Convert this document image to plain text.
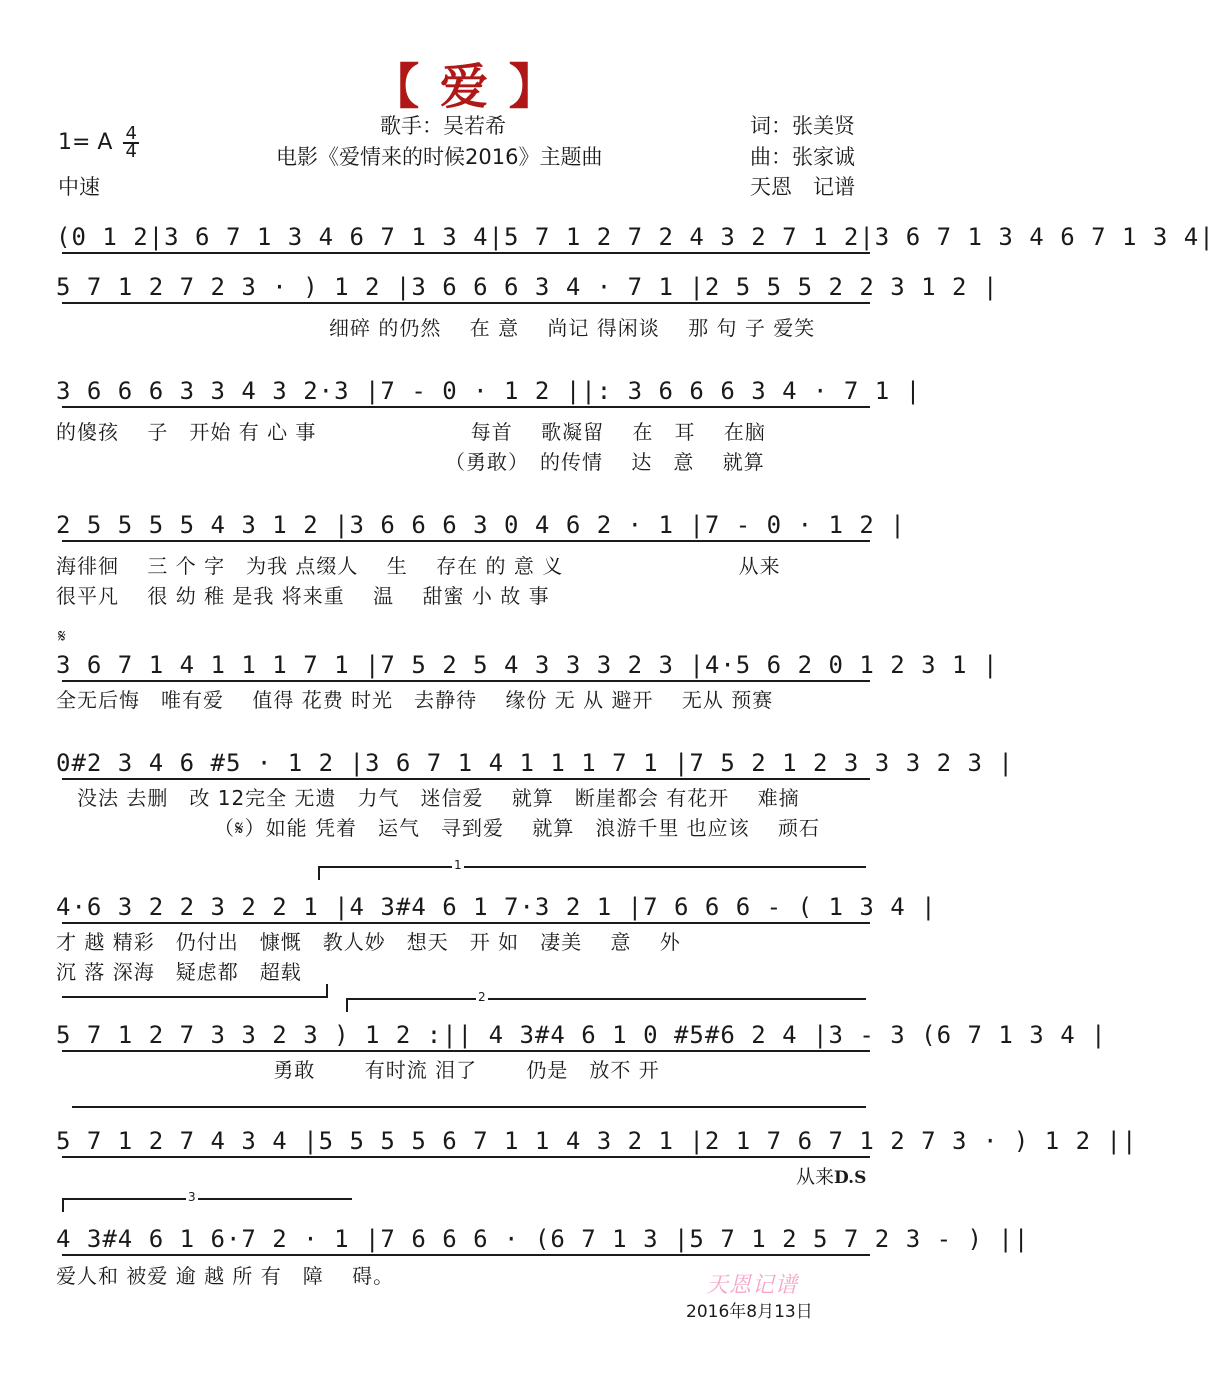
【 爱 】
歌手：吴若希
电影《爱情来的时候2016》主题曲
1= A $\frac{4}{4}$
中速
词：张美贤
曲：张家诚
天恩　记谱
(0 1 2|3 6 7 1 3 4 6 7 1 3 4|5 7 1 2 7 2 4 3 2 7 1 2|3 6 7 1 3 4 6 7 1 3 4|
5 7 1 2 7 2 3 · ) 1 2 |3 6 6 6 3 4 · 7 1 |2 5 5 5 2 2 3 1 2 |
　　　　　　　　　　　　　细碎 的仍然　 在 意　 尚记 得闲谈　 那 句 子 爱笑
3 6 6 6 3 3 4 3 2·3 |7 - 0 · 1 2 ||: 3 6 6 6 3 4 · 7 1 |
的傻孩　 子　开始 有 心 事　　　　　　　 每首　 歌凝留　 在　耳　 在脑
　　　　　　　　　　　　　　　　　　　（勇敢）　的传情　 达　意　 就算
2 5 5 5 5 4 3 1 2 |3 6 6 6 3 0 4 6 2 · 1 |7 - 0 · 1 2 |
海徘徊　 三 个 字　为我 点缀人　 生　 存在 的 意 义　　　　　　　　 从来
很平凡　 很 幼 稚 是我 将来重　 温　 甜蜜 小 故 事
𝄋
3 6 7 1 4 1 1 1 7 1 |7 5 2 5 4 3 3 3 2 3 |4·5 6 2 0 1 2 3 1 |
全无后悔　唯有爱　 值得 花费 时光　去静待　 缘份 无 从 避开　 无从 预赛
0#2 3 4 6 #5 · 1 2 |3 6 7 1 4 1 1 1 7 1 |7 5 2 1 2 3 3 3 2 3 |
　没法 去删　改 12完全 无遗　力气　迷信爱　 就算　断崖都会 有花开　 难摘
　　　　　　　　（𝄋）如能 凭着　运气　寻到爱　 就算　浪游千里 也应该　 顽石
1
4·6 3 2 2 3 2 2 1 |4 3#4 6 1 7·3 2 1 |7 6 6 6 - ( 1 3 4 |
才 越 精彩　仍付出　慷慨　教人妙　想天　开 如　凄美　 意　 外
沉 落 深海　疑虑都　超载
2
5 7 1 2 7 3 3 2 3 ) 1 2 :|| 4 3#4 6 1 0 #5#6 2 4 |3 - 3 (6 7 1 3 4 |
　　　　　　　　　　 勇敢　　 有时流 泪了　　 仍是　放不 开
5 7 1 2 7 4 3 4 |5 5 5 5 6 7 1 1 4 3 2 1 |2 1 7 6 7 1 2 7 3 · ) 1 2 ||
从来D.S
3
4 3#4 6 1 6·7 2 · 1 |7 6 6 6 · (6 7 1 3 |5 7 1 2 5 7 2 3 - ) ||
爱人和 被爱 逾 越 所 有　障　 碍。	天恩记谱
2016年8月13日
